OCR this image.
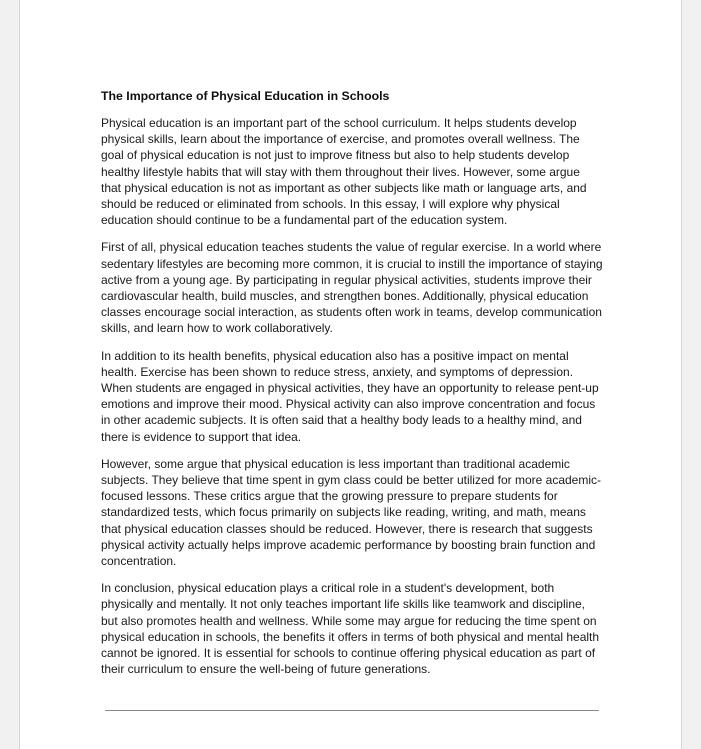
The Importance of Physical Education in Schools

Physical education is an important part of the school curriculum. It helps students develop physical skills, learn about the importance of exercise, and promotes overall wellness. The goal of physical education is not just to improve fitness but also to help students develop healthy lifestyle habits that will stay with them throughout their lives. However, some argue that physical education is not as important as other subjects like math or language arts, and should be reduced or eliminated from schools. In this essay, I will explore why physical education should continue to be a fundamental part of the education system.

First of all, physical education teaches students the value of regular exercise. In a world where sedentary lifestyles are becoming more common, it is crucial to instill the importance of staying active from a young age. By participating in regular physical activities, students improve their cardiovascular health, build muscles, and strengthen bones. Additionally, physical education classes encourage social interaction, as students often work in teams, develop communication skills, and learn how to work collaboratively.

In addition to its health benefits, physical education also has a positive impact on mental health. Exercise has been shown to reduce stress, anxiety, and symptoms of depression. When students are engaged in physical activities, they have an opportunity to release pent-up emotions and improve their mood. Physical activity can also improve concentration and focus in other academic subjects. It is often said that a healthy body leads to a healthy mind, and there is evidence to support that idea.

However, some argue that physical education is less important than traditional academic subjects. They believe that time spent in gym class could be better utilized for more academic-focused lessons. These critics argue that the growing pressure to prepare students for standardized tests, which focus primarily on subjects like reading, writing, and math, means that physical education classes should be reduced. However, there is research that suggests physical activity actually helps improve academic performance by boosting brain function and concentration.

In conclusion, physical education plays a critical role in a student's development, both physically and mentally. It not only teaches important life skills like teamwork and discipline, but also promotes health and wellness. While some may argue for reducing the time spent on physical education in schools, the benefits it offers in terms of both physical and mental health cannot be ignored. It is essential for schools to continue offering physical education as part of their curriculum to ensure the well-being of future generations.
